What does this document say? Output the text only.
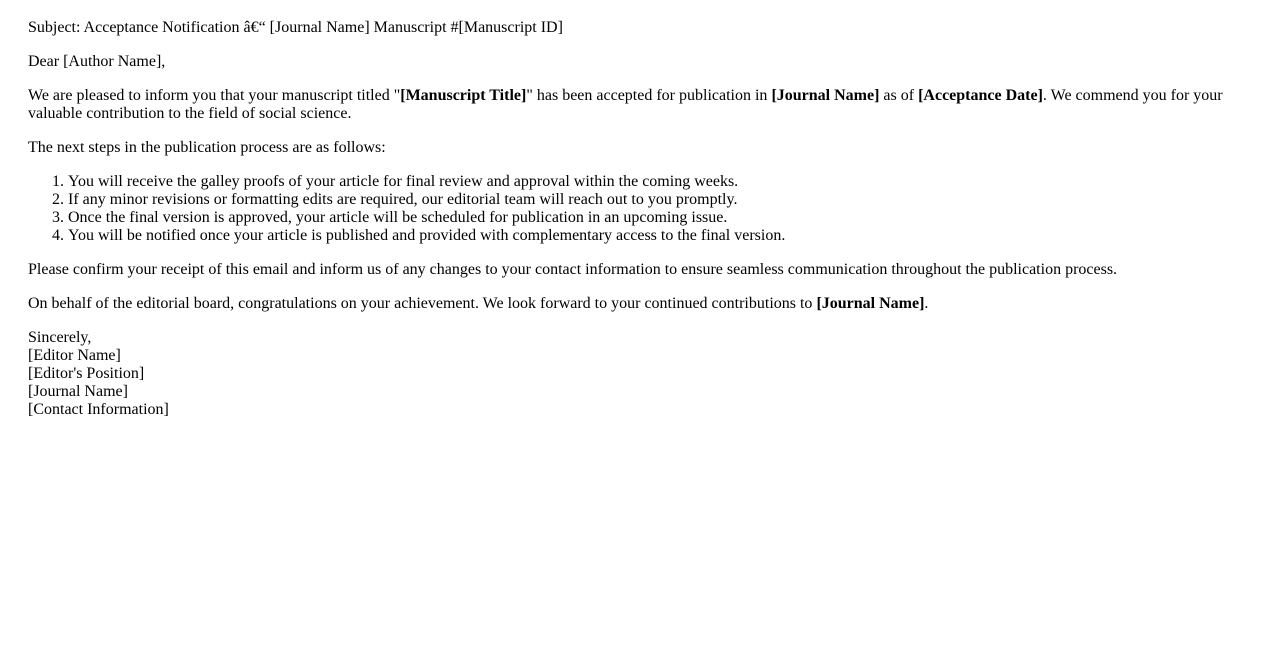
Subject: Acceptance Notification â€“ [Journal Name] Manuscript #[Manuscript ID]

Dear [Author Name],

We are pleased to inform you that your manuscript titled "[Manuscript Title]" has been accepted for publication in [Journal Name] as of [Acceptance Date]. We commend you for your valuable contribution to the field of social science.

The next steps in the publication process are as follows:

1. You will receive the galley proofs of your article for final review and approval within the coming weeks.
2. If any minor revisions or formatting edits are required, our editorial team will reach out to you promptly.
3. Once the final version is approved, your article will be scheduled for publication in an upcoming issue.
4. You will be notified once your article is published and provided with complementary access to the final version.

Please confirm your receipt of this email and inform us of any changes to your contact information to ensure seamless communication throughout the publication process.

On behalf of the editorial board, congratulations on your achievement. We look forward to your continued contributions to [Journal Name].

Sincerely,
[Editor Name]
[Editor's Position]
[Journal Name]
[Contact Information]
